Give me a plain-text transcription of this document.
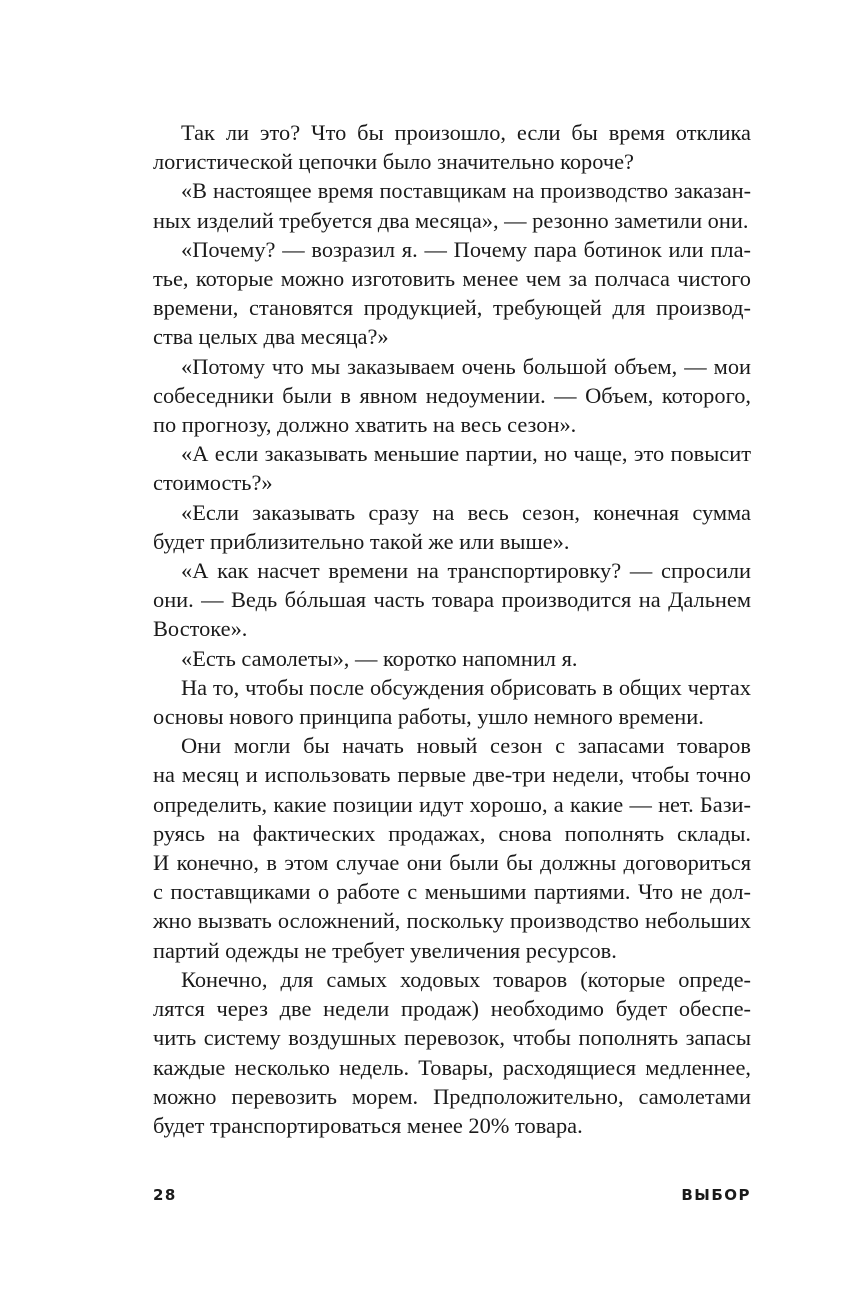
Так ли это? Что бы произошло, если бы время отклика
логистической цепочки было значительно короче?

«В настоящее время поставщикам на производство заказан-
ных изделий требуется два месяца», — резонно заметили они.

«Почему? — возразил я. — Почему пара ботинок или пла-
тье, которые можно изготовить менее чем за полчаса чистого
времени, становятся продукцией, требующей для производ-
ства целых два месяца?»

«Потому что мы заказываем очень большой объем, — мои
собеседники были в явном недоумении. — Объем, которого,
по прогнозу, должно хватить на весь сезон».

«А если заказывать меньшие партии, но чаще, это повысит
стоимость?»

«Если заказывать сразу на весь сезон, конечная сумма
будет приблизительно такой же или выше».

«А как насчет времени на транспортировку? — спросили
они. — Ведь бóльшая часть товара производится на Дальнем
Востоке».

«Есть самолеты», — коротко напомнил я.

На то, чтобы после обсуждения обрисовать в общих чертах
основы нового принципа работы, ушло немного времени.

Они могли бы начать новый сезон с запасами товаров
на месяц и использовать первые две-три недели, чтобы точно
определить, какие позиции идут хорошо, а какие — нет. Бази-
руясь на фактических продажах, снова пополнять склады.
И конечно, в этом случае они были бы должны договориться
с поставщиками о работе с меньшими партиями. Что не дол-
жно вызвать осложнений, поскольку производство небольших
партий одежды не требует увеличения ресурсов.

Конечно, для самых ходовых товаров (которые опреде-
лятся через две недели продаж) необходимо будет обеспе-
чить систему воздушных перевозок, чтобы пополнять запасы
каждые несколько недель. Товары, расходящиеся медленнее,
можно перевозить морем. Предположительно, самолетами
будет транспортироваться менее 20% товара.

28	ВЫБОР
